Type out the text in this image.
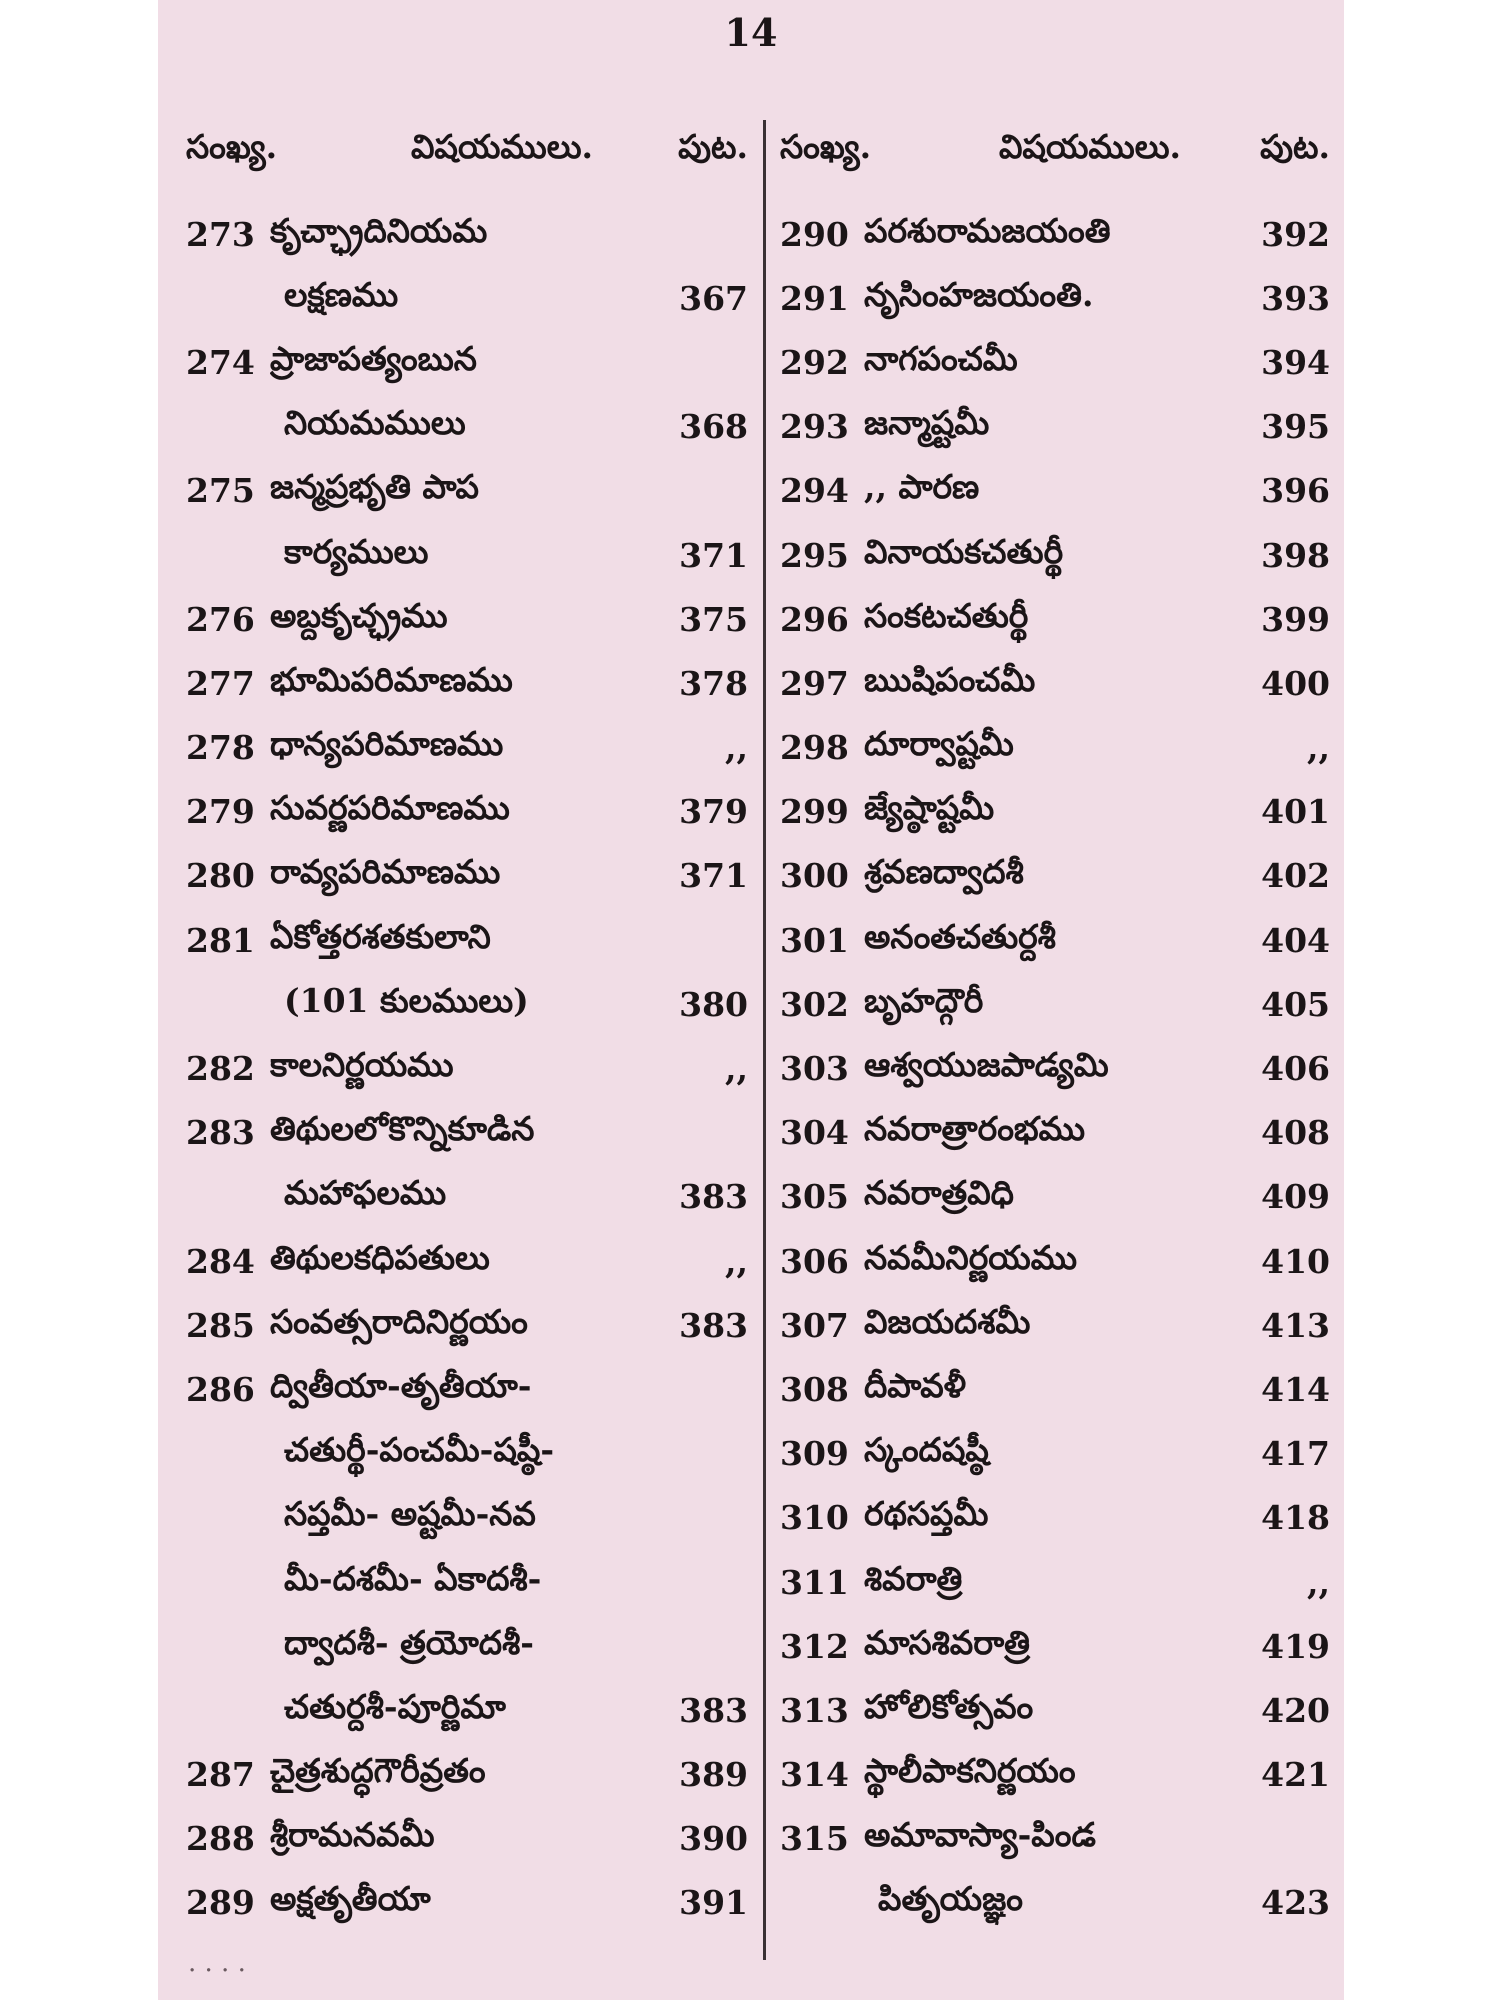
14
సంఖ్య.	విషయములు.	పుట.
273 కృచ్ఛ్రాదినియమ
లక్షణము	367
274 ప్రాజాపత్యంబున
నియమములు	368
275 జన్మప్రభృతి పాప
కార్యములు	371
276 అబ్దకృచ్ఛ్రము	375
277 భూమిపరిమాణము	378
278 ధాన్యపరిమాణము	,,
279 సువర్ణపరిమాణము	379
280 రావ్యపరిమాణము	371
281 ఏకోత్తరశతకులాని
(101 కులములు)	380
282 కాలనిర్ణయము	,,
283 తిథులలోకొన్నికూడిన
మహాఫలము	383
284 తిథులకధిపతులు	,,
285 సంవత్సరాదినిర్ణయం	383
286 ద్వితీయా-తృతీయా-
చతుర్థీ-పంచమీ-షష్ఠీ-
సప్తమీ- అష్టమీ-నవ
మీ-దశమీ- ఏకాదశీ-
ద్వాదశీ- త్రయోదశీ-
చతుర్దశీ-పూర్ణిమా	383
287 చైత్రశుద్ధగౌరీవ్రతం	389
288 శ్రీరామనవమీ	390
289 అక్షతృతీయా	391
సంఖ్య.	విషయములు.	పుట.
290 పరశురామజయంతి	392
291 నృసింహజయంతి.	393
292 నాగపంచమీ	394
293 జన్మాష్టమీ	395
294 ,, పారణ	396
295 వినాయకచతుర్థీ	398
296 సంకటచతుర్థీ	399
297 ఋషిపంచమీ	400
298 దూర్వాష్టమీ	,,
299 జ్యేష్ఠాష్టమీ	401
300 శ్రవణద్వాదశీ	402
301 అనంతచతుర్దశీ	404
302 బృహద్గౌరీ	405
303 ఆశ్వయుజపాడ్యమి	406
304 నవరాత్రారంభము	408
305 నవరాత్రవిధి	409
306 నవమీనిర్ణయము	410
307 విజయదశమీ	413
308 దీపావళీ	414
309 స్కందషష్ఠీ	417
310 రథసప్తమీ	418
311 శివరాత్రి	,,
312 మాసశివరాత్రి	419
313 హోలికోత్సవం	420
314 స్థాలీపాకనిర్ణయం	421
315 అమావాస్యా-పిండ
పితృయజ్ఞం	423
. . . .
